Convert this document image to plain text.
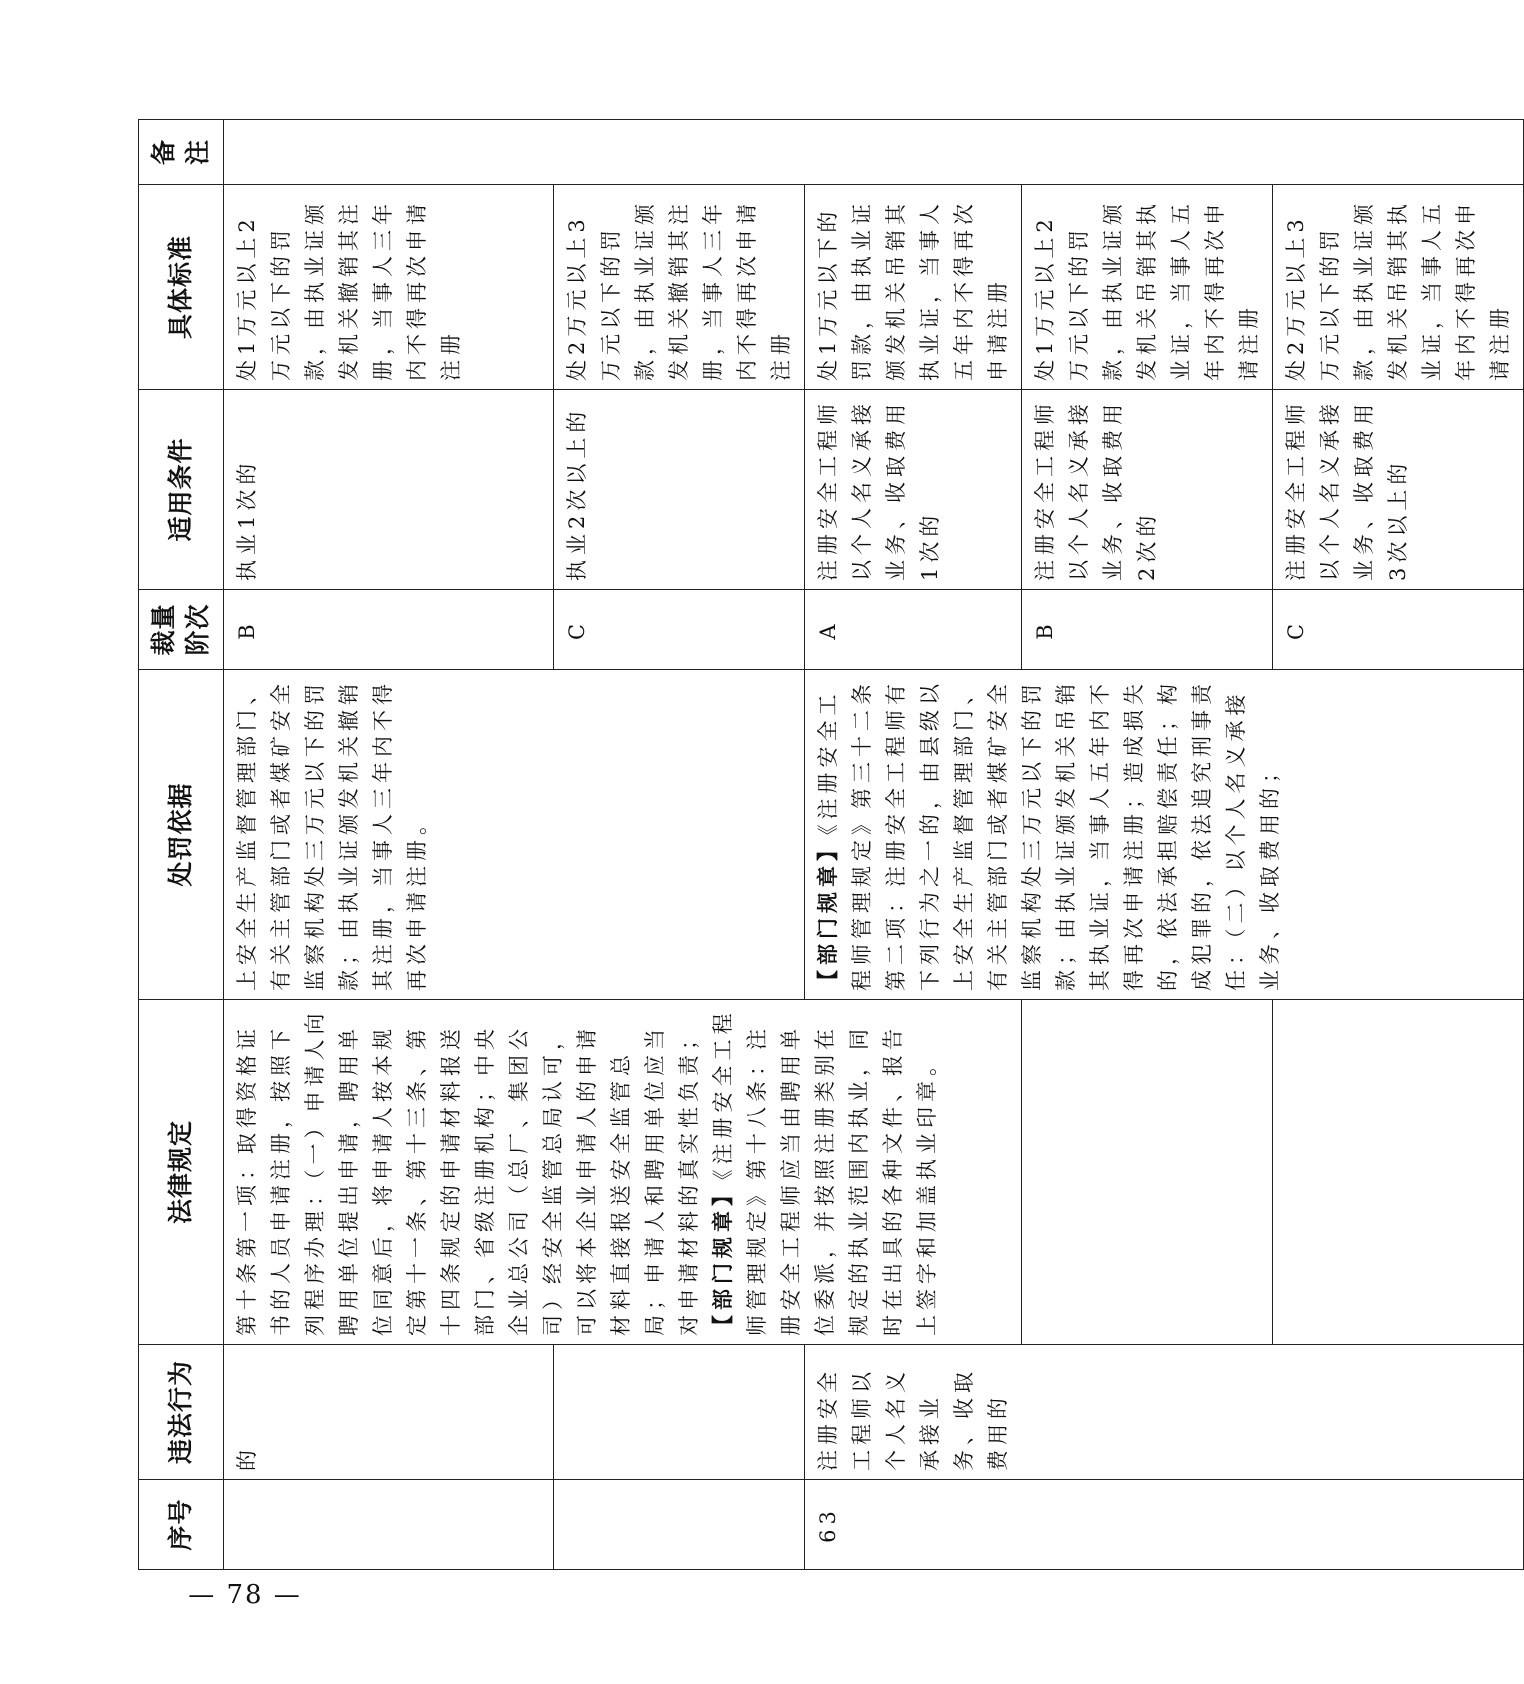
序号	违法行为	法律规定	处罚依据	裁量阶次	适用条件	具体标准	备注
	的	第十条第一项：取得资格证书的人员申请注册，按照下列程序办理：（一）申请人向聘用单位提出申请，聘用单位同意后，将申请人按本规定第十一条、第十三条、第十四条规定的申请材料报送部门、省级注册机构；中央企业总公司（总厂、集团公司）经安全监管总局认可，可以将本企业申请人的申请材料直接报送安全监管总局；申请人和聘用单位应当对申请材料的真实性负责； 【部门规章】《注册安全工程师管理规定》第十八条：注册安全工程师应当由聘用单位委派，并按照注册类别在规定的执业范围内执业，同时在出具的各种文件、报告上签字和加盖执业印章。	上安全生产监督管理部门、有关主管部门或者煤矿安全监察机构处三万元以下的罚款；由执业证颁发机关撤销其注册，当事人三年内不得再次申请注册。	B	执业1次的	处1万元以上2万元以下的罚款，由执业证颁发机关撤销其注册，当事人三年内不得再次申请注册	
				C	执业2次以上的	处2万元以上3万元以下的罚款，由执业证颁发机关撤销其注册，当事人三年内不得再次申请注册	
63	注册安全工程师以个人名义承接业务、收取费用的		【部门规章】《注册安全工程师管理规定》第三十二条第二项：注册安全工程师有下列行为之一的，由县级以上安全生产监督管理部门、有关主管部门或者煤矿安全监察机构处三万元以下的罚款；由执业证颁发机关吊销其执业证，当事人五年内不得再次申请注册；造成损失的，依法承担赔偿责任；构成犯罪的，依法追究刑事责任：（二）以个人名义承接业务、收取费用的；	A	注册安全工程师以个人名义承接业务、收取费用1次的	处1万元以下的罚款，由执业证颁发机关吊销其执业证，当事人五年内不得再次申请注册	
				B	注册安全工程师以个人名义承接业务、收取费用2次的	处1万元以上2万元以下的罚款，由执业证颁发机关吊销其执业证，当事人五年内不得再次申请注册	
				C	注册安全工程师以个人名义承接业务、收取费用3次以上的	处2万元以上3万元以下的罚款，由执业证颁发机关吊销其执业证，当事人五年内不得再次申请注册	
— 78 —
